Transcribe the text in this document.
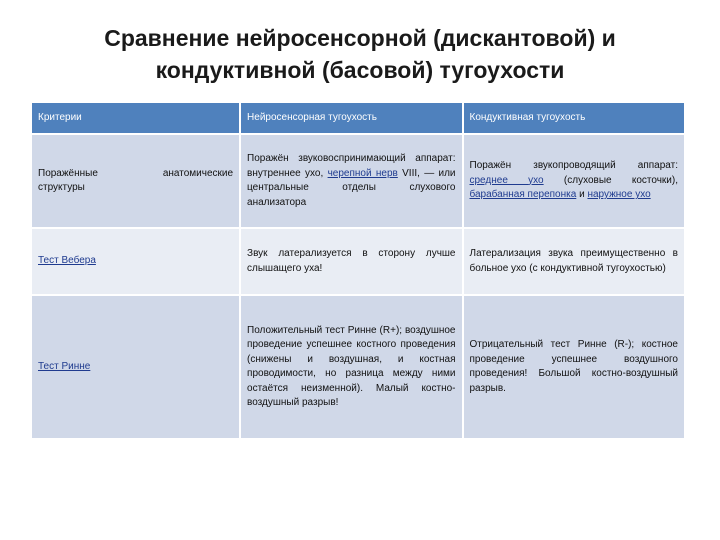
Сравнение нейросенсорной (дискантовой) и
кондуктивной (басовой) тугоухости
Критерии	Нейросенсорная тугоухость	Кондуктивная тугоухость

Поражённые анатомические
структуры	Поражён звуковоспринимающий аппарат: внутреннее ухо, черепной нерв VIII, — или центральные отделы слухового анализатора	Поражён звукопроводящий аппарат: среднее ухо (слуховые косточки), барабанная перепонка и наружное ухо
Тест Вебера	Звук латерализуется в сторону лучше слышащего уха!	Латерализация звука преимущественно в больное ухо (с кондуктивной тугоухостью)
Тест Ринне	Положительный тест Ринне (R+); воздушное проведение успешнее костного проведения (снижены и воздушная, и костная проводимости, но разница между ними остаётся неизменной). Малый костно-воздушный разрыв!	Отрицательный тест Ринне (R-); костное проведение успешнее воздушного проведения! Большой костно-воздушный разрыв.
